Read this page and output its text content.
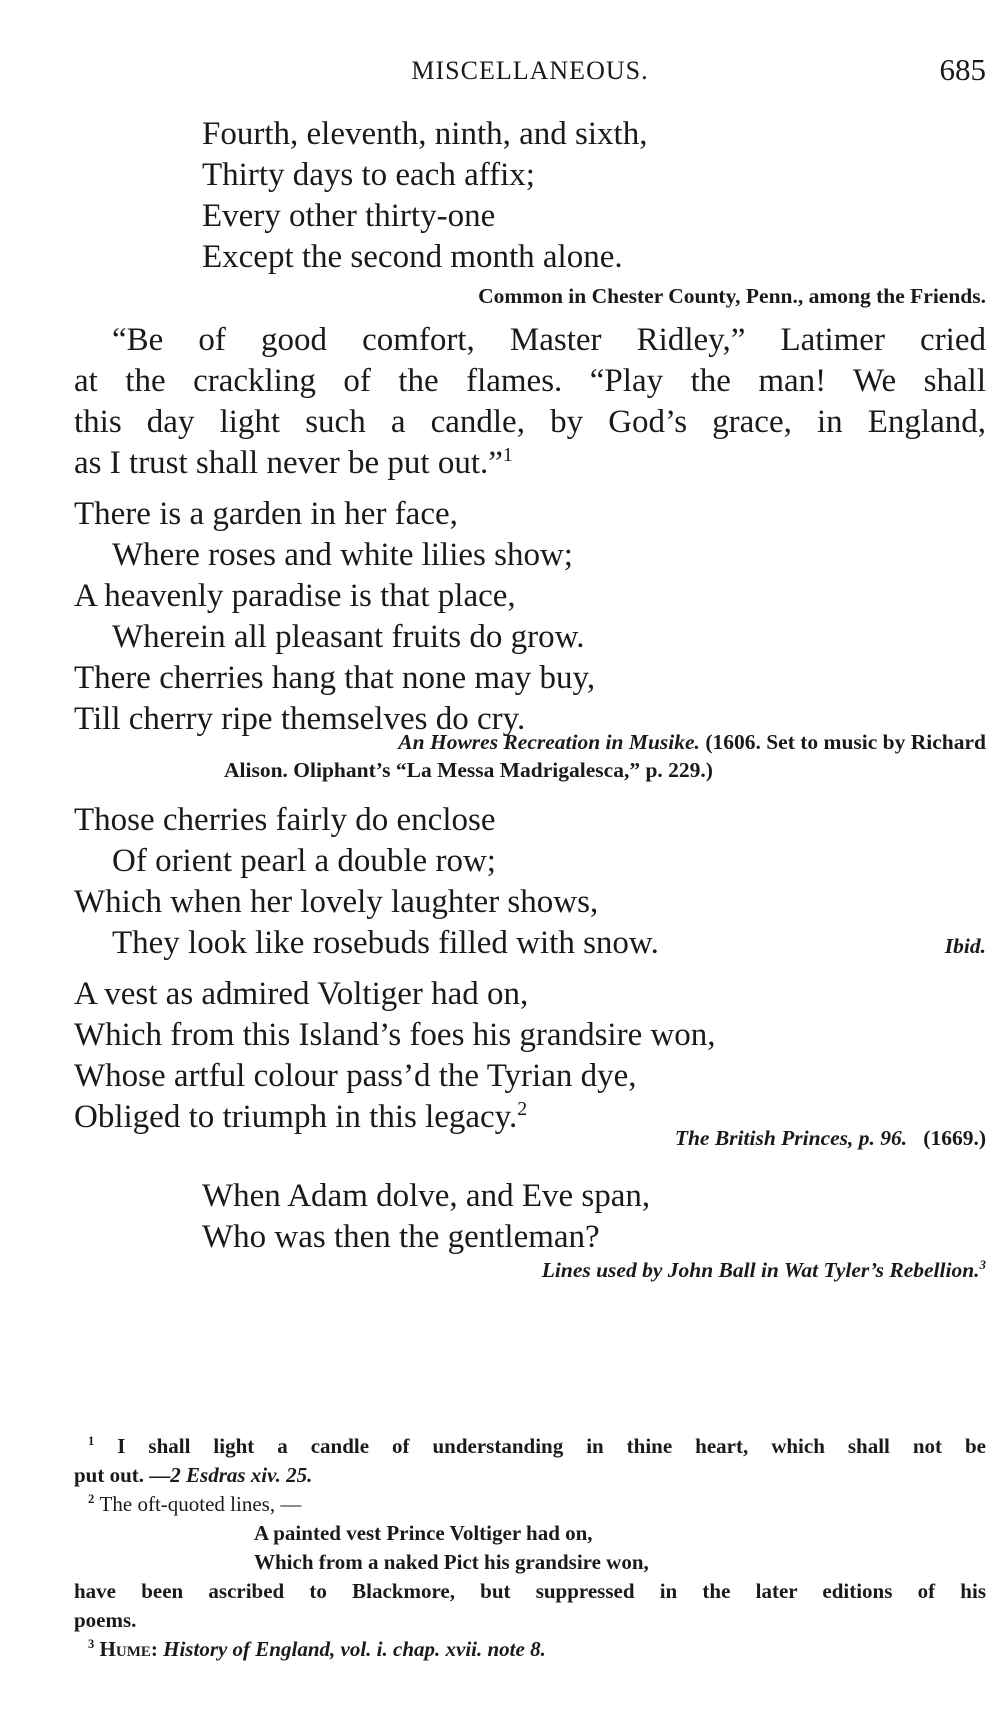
MISCELLANEOUS.	685
Fourth, eleventh, ninth, and sixth,
Thirty days to each affix;
Every other thirty-one
Except the second month alone.
Common in Chester County, Penn., among the Friends.
“Be of good comfort, Master Ridley,” Latimer cried
at the crackling of the flames. “Play the man! We shall
this day light such a candle, by God’s grace, in England,
as I trust shall never be put out.”$^1$
There is a garden in her face,
Where roses and white lilies show;
A heavenly paradise is that place,
Wherein all pleasant fruits do grow.
There cherries hang that none may buy,
Till cherry ripe themselves do cry.
An Howres Recreation in Musike. (1606. Set to music by Richard
Alison. Oliphant’s “La Messa Madrigalesca,” p. 229.)
Those cherries fairly do enclose
Of orient pearl a double row;
Which when her lovely laughter shows,
They look like rosebuds filled with snow.	Ibid.
A vest as admired Voltiger had on,
Which from this Island’s foes his grandsire won,
Whose artful colour pass’d the Tyrian dye,
Obliged to triumph in this legacy.$^2$
The British Princes, p. 96. (1669.)
When Adam dolve, and Eve span,
Who was then the gentleman?
Lines used by John Ball in Wat Tyler’s Rebellion.$^3$
$^1$ I shall light a candle of understanding in thine heart, which shall not be
put out. —2 Esdras xiv. 25.
$^2$ The oft-quoted lines, —
A painted vest Prince Voltiger had on,
Which from a naked Pict his grandsire won,
have been ascribed to Blackmore, but suppressed in the later editions of his
poems.
$^3$ Hume: History of England, vol. i. chap. xvii. note 8.
